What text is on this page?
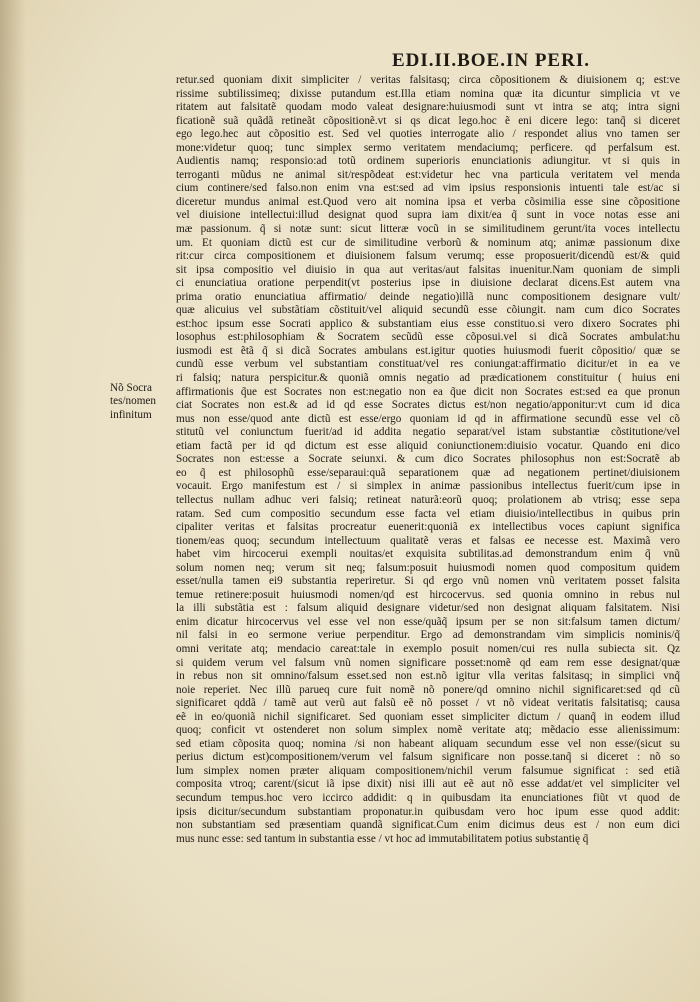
EDI.II.BOE.IN PERI.
Nõ Socra
tes/nomen
infinitum
retur.sed quoniam dixit simpliciter / veritas falsitasq; circa cõpositionem & diuisionem q; est:ve
rissime subtilissimeq; dixisse putandum est.Illa etiam nomina quæ ita dicuntur simplicia vt ve
ritatem aut falsitatẽ quodam modo valeat designare:huiusmodi sunt vt intra se atq; intra signi
ficationẽ suã quãdã retineãt cõpositionẽ.vt si qs dicat lego.hoc ẽ eni dicere lego: tanq̃ si diceret
ego lego.hec aut cõpositio est. Sed vel quoties interrogate alio / respondet alius vno tamen ser
mone:videtur quoq; tunc simplex sermo veritatem mendaciumq; perficere. qd perfalsum est.
Audientis namq; responsio:ad totũ ordinem superioris enunciationis adiungitur. vt si quis in
terroganti mũdus ne animal sit/respõdeat est:videtur hec vna particula veritatem vel menda
cium continere/sed falso.non enim vna est:sed ad vim ipsius responsionis intuenti tale est/ac si
diceretur mundus animal est.Quod vero ait nomina ipsa et verba cõsimilia esse sine cõpositione
vel diuisione intellectui:illud designat quod supra iam dixit/ea q̃ sunt in voce notas esse ani
mæ passionum. q̃ si notæ sunt: sicut litteræ vocũ in se similitudinem gerunt/ita voces intellectu
um. Et quoniam dictũ est cur de similitudine verborũ & nominum atq; animæ passionum dixe
rit:cur circa compositionem et diuisionem falsum verumq; esse proposuerit/dicendũ est/& quid
sit ipsa compositio vel diuisio in qua aut veritas/aut falsitas inuenitur.Nam quoniam de simpli
ci enunciatiua oratione perpendit(vt posterius ipse in diuisione declarat dicens.Est autem vna
prima oratio enunciatiua affirmatio/ deinde negatio)illã nunc compositionem designare vult/
quæ alicuius vel substãtiam cõstituit/vel aliquid secundũ esse cõiungit. nam cum dico Socrates
est:hoc ipsum esse Socrati applico & substantiam eius esse constituo.si vero dixero Socrates phi
losophus est:philosophiam & Socratem secũdũ esse cõposui.vel si dicã Socrates ambulat:hu
iusmodi est ẽtã q̃ si dicã Socrates ambulans est.igitur quoties huiusmodi fuerit cõpositio/ quæ se
cundũ esse verbum vel substantiam constituat/vel res coniungat:affirmatio dicitur/et in ea ve
ri falsiq; natura perspicitur.& quoniã omnis negatio ad prædicationem constituitur ( huius eni
affirmationis q̃ue est Socrates non est:negatio non ea q̃ue dicit non Socrates est:sed ea que pronun
ciat Socrates non est.& ad id qd esse Socrates dictus est/non negatio/apponitur:vt cum id dica
mus non esse/quod ante dictũ est esse/ergo quoniam id qd in affirmatione secundũ esse vel cõ
stitutũ vel coniunctum fuerit/ad id addita negatio separat/vel istam substantiæ cõstitutione/vel
etiam factã per id qd dictum est esse aliquid coniunctionem:diuisio vocatur. Quando eni dico
Socrates non est:esse a Socrate seiunxi. & cum dico Socrates philosophus non est:Socratẽ ab
eo q̃ est philosophũ esse/separaui:quã separationem quæ ad negationem pertinet/diuisionem
vocauit. Ergo manifestum est / si simplex in animæ passionibus intellectus fuerit/cum ipse in
tellectus nullam adhuc veri falsiq; retineat naturã:eorũ quoq; prolationem ab vtrisq; esse sepa
ratam. Sed cum compositio secundum esse facta vel etiam diuisio/intellectibus in quibus prin
cipaliter veritas et falsitas procreatur euenerit:quoniã ex intellectibus voces capiunt significa
tionem/eas quoq; secundum intellectuum qualitatẽ veras et falsas ee necesse est. Maximã vero
habet vim hircocerui exempli nouitas/et exquisita subtilitas.ad demonstrandum enim q̃ vnũ
solum nomen neq; verum sit neq; falsum:posuit huiusmodi nomen quod compositum quidem
esset/nulla tamen ei9 substantia reperiretur. Si qd ergo vnũ nomen vnũ veritatem posset falsita
temue retinere:posuit huiusmodi nomen/qd est hircocervus. sed quonia omnino in rebus nul
la illi substãtia est : falsum aliquid designare videtur/sed non designat aliquam falsitatem. Nisi
enim dicatur hircocervus vel esse vel non esse/quãq̃ ipsum per se non sit:falsum tamen dictum/
nil falsi in eo sermone veriue perpenditur. Ergo ad demonstrandam vim simplicis nominis/q̃
omni veritate atq; mendacio careat:tale in exemplo posuit nomen/cui res nulla subiecta sit. Qz
si quidem verum vel falsum vnũ nomen significare posset:nomẽ qd eam rem esse designat/quæ
in rebus non sit omnino/falsum esset.sed non est.nõ igitur vlla veritas falsitasq; in simplici vnq̃
noie reperiet. Nec illũ parueq cure fuit nomẽ nõ ponere/qd omnino nichil significaret:sed qd cũ
significaret qddã / tamẽ aut verũ aut falsũ eẽ nõ posset / vt nõ videat veritatis falsitatisq; causa
eẽ in eo/quoniã nichil significaret. Sed quoniam esset simpliciter dictum / quanq̃ in eodem illud
quoq; conficit vt ostenderet non solum simplex nomẽ veritate atq; mẽdacio esse alienissimum:
sed etiam cõposita quoq; nomina /si non habeant aliquam secundum esse vel non esse/(sicut su
perius dictum est)compositionem/verum vel falsum significare non posse.tanq̃ si diceret : nõ so
lum simplex nomen præter aliquam compositionem/nichil verum falsumue significat : sed etiã
composita vtroq; carent/(sicut iã ipse dixit) nisi illi aut eẽ aut nõ esse addat/et vel simpliciter vel
secundum tempus.hoc vero iccirco addidit: q in quibusdam ita enunciationes fiũt vt quod de
ipsis dicitur/secundum substantiam proponatur.in quibusdam vero hoc ipum esse quod addit:
non substantiam sed præsentiam quandã significat.Cum enim dicimus deus est / non eum dici
mus nunc esse: sed tantum in substantia esse / vt hoc ad immutabilitatem potius substantię q̃
